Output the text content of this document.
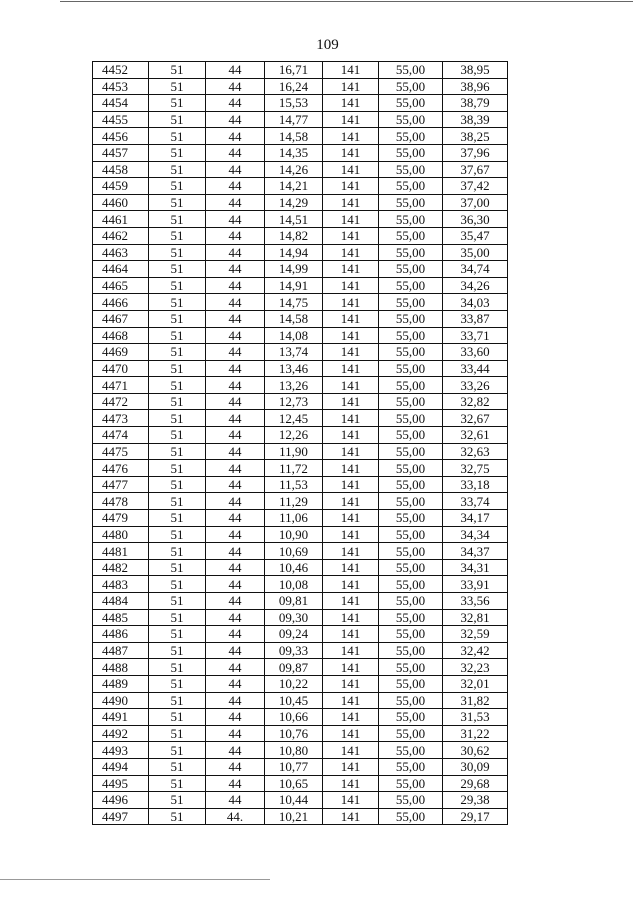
109
4452	51	44	16,71	141	55,00	38,95
4453	51	44	16,24	141	55,00	38,96
4454	51	44	15,53	141	55,00	38,79
4455	51	44	14,77	141	55,00	38,39
4456	51	44	14,58	141	55,00	38,25
4457	51	44	14,35	141	55,00	37,96
4458	51	44	14,26	141	55,00	37,67
4459	51	44	14,21	141	55,00	37,42
4460	51	44	14,29	141	55,00	37,00
4461	51	44	14,51	141	55,00	36,30
4462	51	44	14,82	141	55,00	35,47
4463	51	44	14,94	141	55,00	35,00
4464	51	44	14,99	141	55,00	34,74
4465	51	44	14,91	141	55,00	34,26
4466	51	44	14,75	141	55,00	34,03
4467	51	44	14,58	141	55,00	33,87
4468	51	44	14,08	141	55,00	33,71
4469	51	44	13,74	141	55,00	33,60
4470	51	44	13,46	141	55,00	33,44
4471	51	44	13,26	141	55,00	33,26
4472	51	44	12,73	141	55,00	32,82
4473	51	44	12,45	141	55,00	32,67
4474	51	44	12,26	141	55,00	32,61
4475	51	44	11,90	141	55,00	32,63
4476	51	44	11,72	141	55,00	32,75
4477	51	44	11,53	141	55,00	33,18
4478	51	44	11,29	141	55,00	33,74
4479	51	44	11,06	141	55,00	34,17
4480	51	44	10,90	141	55,00	34,34
4481	51	44	10,69	141	55,00	34,37
4482	51	44	10,46	141	55,00	34,31
4483	51	44	10,08	141	55,00	33,91
4484	51	44	09,81	141	55,00	33,56
4485	51	44	09,30	141	55,00	32,81
4486	51	44	09,24	141	55,00	32,59
4487	51	44	09,33	141	55,00	32,42
4488	51	44	09,87	141	55,00	32,23
4489	51	44	10,22	141	55,00	32,01
4490	51	44	10,45	141	55,00	31,82
4491	51	44	10,66	141	55,00	31,53
4492	51	44	10,76	141	55,00	31,22
4493	51	44	10,80	141	55,00	30,62
4494	51	44	10,77	141	55,00	30,09
4495	51	44	10,65	141	55,00	29,68
4496	51	44	10,44	141	55,00	29,38
4497	51	44.	10,21	141	55,00	29,17
